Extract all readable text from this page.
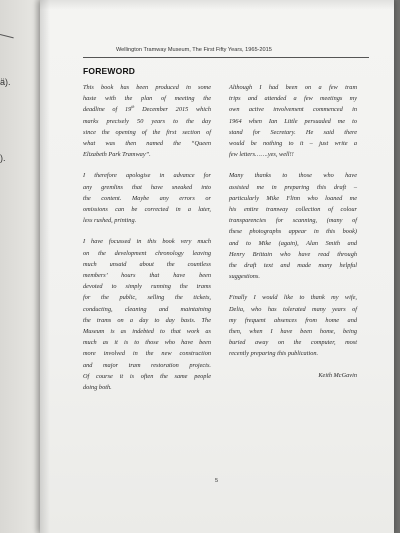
ä).
).
Wellington Tramway Museum, The First Fifty Years, 1965-2015
FOREWORD

This book has been produced in some
haste with the plan of meeting the
deadline of 19th December 2015 which
marks precisely 50 years to the day
since the opening of the first section of
what was then named the “Queen
Elizabeth Park Tramway”.

I therefore apologise in advance for
any gremlins that have sneaked into
the content. Maybe any errors or
omissions can be corrected in a later,
less rushed, printing.

I have focussed in this book very much
on the development chronology leaving
much unsaid about the countless
members’ hours that have been
devoted to simply running the trams
for the public, selling the tickets,
conducting, cleaning and maintaining
the trams on a day to day basis. The
Museum is as indebted to that work as
much as it is to those who have been
more involved in the new construction
and major tram restoration projects.
Of course it is often the same people
doing both.

Although I had been on a few tram
trips and attended a few meetings my
own active involvement commenced in
1964 when Ian Little persuaded me to
stand for Secretary. He said there
would be nothing to it – just write a
few letters…….yes, well!!

Many thanks to those who have
assisted me in preparing this draft –
particularly Mike Flinn who loaned me
his entire tramway collection of colour
transparencies for scanning, (many of
these photographs appear in this book)
and to Mike (again), Alan Smith and
Henry Brittain who have read through
the draft text and made many helpful
suggestions.

Finally I would like to thank my wife,
Delia, who has tolerated many years of
my frequent absences from home and
then, when I have been home, being
buried away on the computer, most
recently preparing this publication.

Keith McGavin
5
